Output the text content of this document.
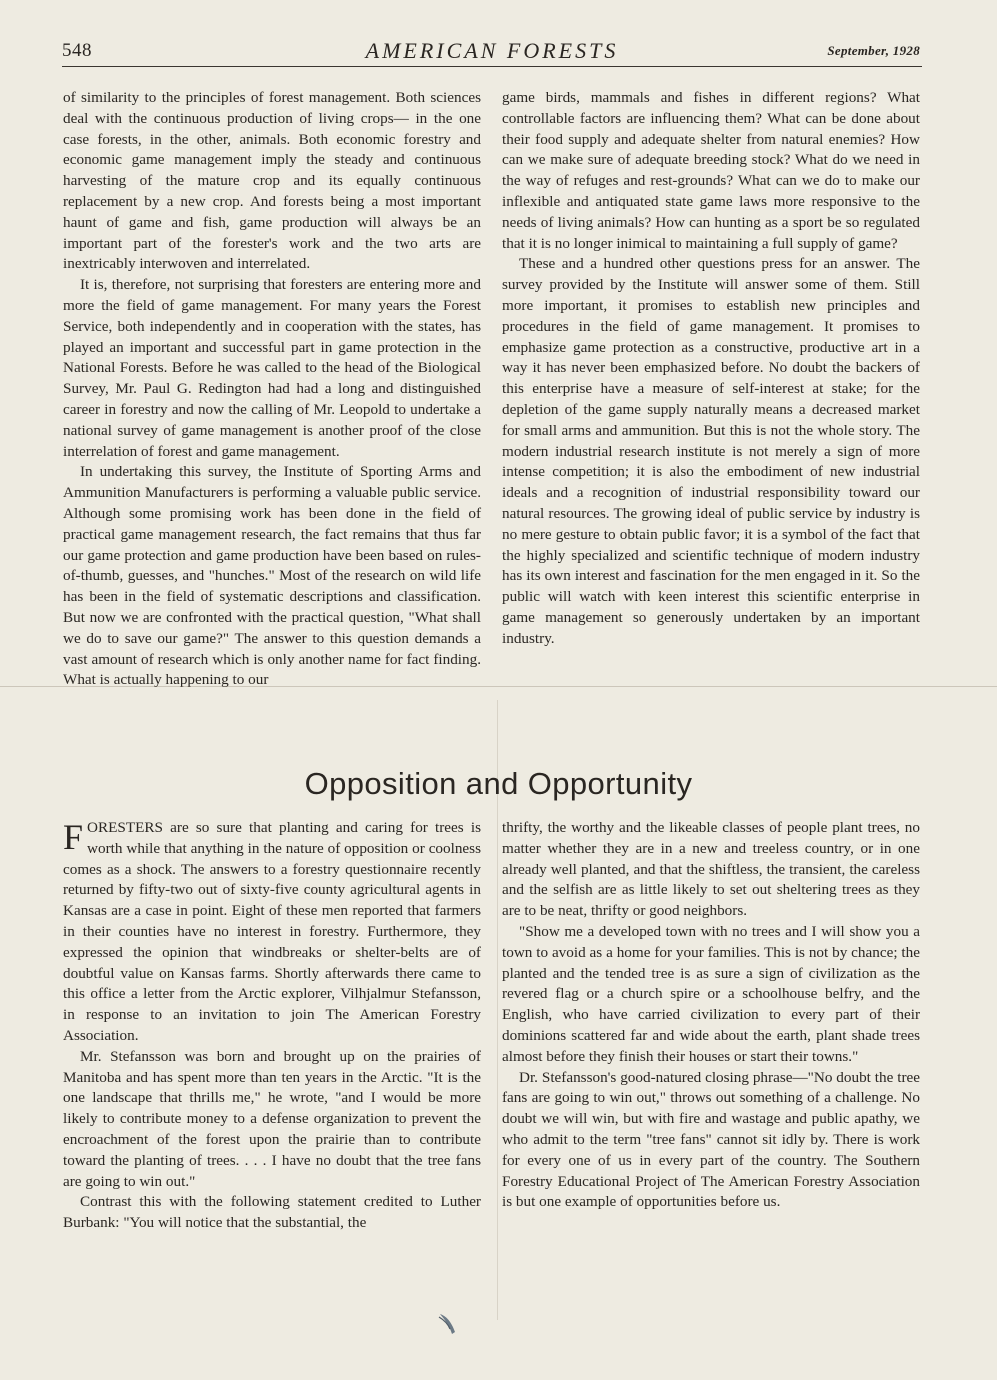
548	AMERICAN FORESTS	September, 1928

of similarity to the principles of forest management. Both sciences deal with the continuous production of living crops— in the one case forests, in the other, animals. Both economic forestry and economic game management imply the steady and continuous harvesting of the mature crop and its equally continuous replacement by a new crop. And forests being a most important haunt of game and fish, game production will always be an important part of the forester's work and the two arts are inextricably interwoven and interrelated.

It is, therefore, not surprising that foresters are entering more and more the field of game management. For many years the Forest Service, both independently and in cooperation with the states, has played an important and successful part in game protection in the National Forests. Before he was called to the head of the Biological Survey, Mr. Paul G. Redington had had a long and distinguished career in forestry and now the calling of Mr. Leopold to undertake a national survey of game management is another proof of the close interrelation of forest and game management.

In undertaking this survey, the Institute of Sporting Arms and Ammunition Manufacturers is performing a valuable public service. Although some promising work has been done in the field of practical game management research, the fact remains that thus far our game protection and game production have been based on rules-of-thumb, guesses, and "hunches." Most of the research on wild life has been in the field of systematic descriptions and classification. But now we are confronted with the practical question, "What shall we do to save our game?" The answer to this question demands a vast amount of research which is only another name for fact finding. What is actually happening to our

game birds, mammals and fishes in different regions? What controllable factors are influencing them? What can be done about their food supply and adequate shelter from natural enemies? How can we make sure of adequate breeding stock? What do we need in the way of refuges and rest-grounds? What can we do to make our inflexible and antiquated state game laws more responsive to the needs of living animals? How can hunting as a sport be so regulated that it is no longer inimical to maintaining a full supply of game?

These and a hundred other questions press for an answer. The survey provided by the Institute will answer some of them. Still more important, it promises to establish new principles and procedures in the field of game management. It promises to emphasize game protection as a constructive, productive art in a way it has never been emphasized before. No doubt the backers of this enterprise have a measure of self-interest at stake; for the depletion of the game supply naturally means a decreased market for small arms and ammunition. But this is not the whole story. The modern industrial research institute is not merely a sign of more intense competition; it is also the embodiment of new industrial ideals and a recognition of industrial responsibility toward our natural resources. The growing ideal of public service by industry is no mere gesture to obtain public favor; it is a symbol of the fact that the highly specialized and scientific technique of modern industry has its own interest and fascination for the men engaged in it. So the public will watch with keen interest this scientific enterprise in game management so generously undertaken by an important industry.

Opposition and Opportunity

FORESTERS are so sure that planting and caring for trees is worth while that anything in the nature of opposition or coolness comes as a shock. The answers to a forestry questionnaire recently returned by fifty-two out of sixty-five county agricultural agents in Kansas are a case in point. Eight of these men reported that farmers in their counties have no interest in forestry. Furthermore, they expressed the opinion that windbreaks or shelter-belts are of doubtful value on Kansas farms. Shortly afterwards there came to this office a letter from the Arctic explorer, Vilhjalmur Stefansson, in response to an invitation to join The American Forestry Association.

Mr. Stefansson was born and brought up on the prairies of Manitoba and has spent more than ten years in the Arctic. "It is the one landscape that thrills me," he wrote, "and I would be more likely to contribute money to a defense organization to prevent the encroachment of the forest upon the prairie than to contribute toward the planting of trees. . . . I have no doubt that the tree fans are going to win out."

Contrast this with the following statement credited to Luther Burbank: "You will notice that the substantial, the

thrifty, the worthy and the likeable classes of people plant trees, no matter whether they are in a new and treeless country, or in one already well planted, and that the shiftless, the transient, the careless and the selfish are as little likely to set out sheltering trees as they are to be neat, thrifty or good neighbors.

"Show me a developed town with no trees and I will show you a town to avoid as a home for your families. This is not by chance; the planted and the tended tree is as sure a sign of civilization as the revered flag or a church spire or a schoolhouse belfry, and the English, who have carried civilization to every part of their dominions scattered far and wide about the earth, plant shade trees almost before they finish their houses or start their towns."

Dr. Stefansson's good-natured closing phrase—"No doubt the tree fans are going to win out," throws out something of a challenge. No doubt we will win, but with fire and wastage and public apathy, we who admit to the term "tree fans" cannot sit idly by. There is work for every one of us in every part of the country. The Southern Forestry Educational Project of The American Forestry Association is but one example of opportunities before us.
